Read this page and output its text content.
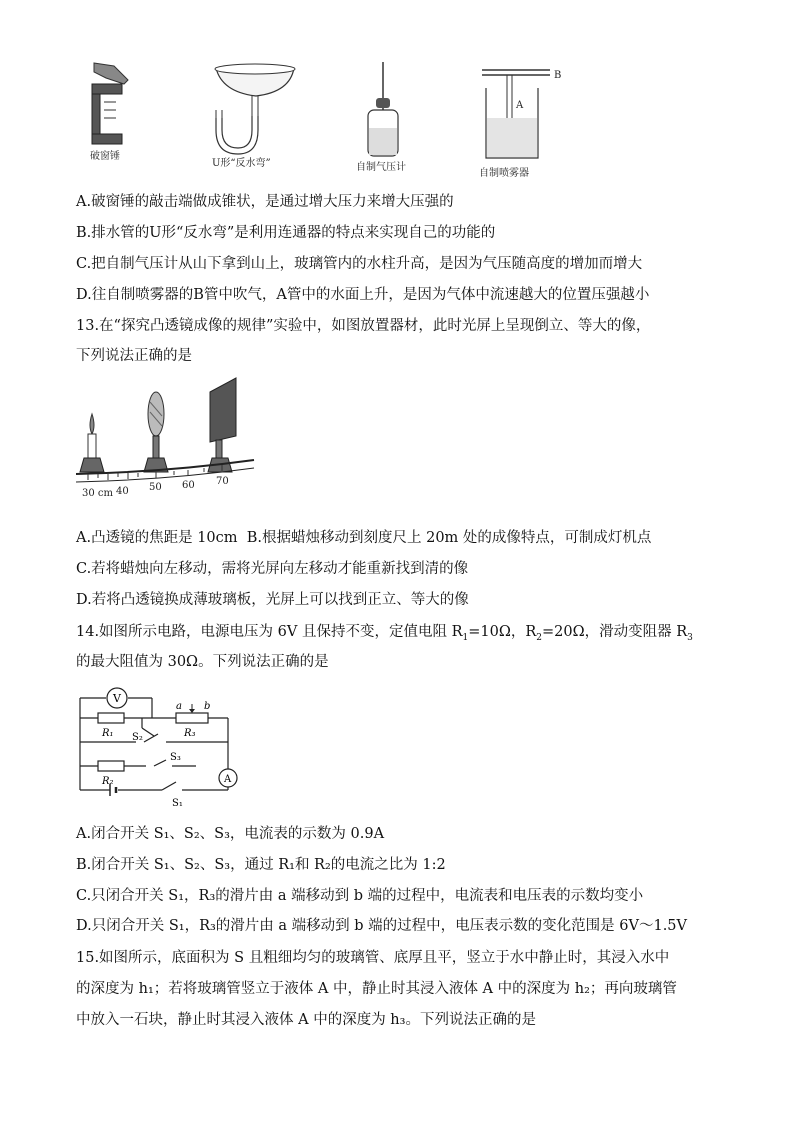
破窗锤
U形“反水弯”	自制气压计
A
B
自制喷雾器
A.破窗锤的敲击端做成锥状，是通过增大压力来增大压强的
B.排水管的U形“反水弯”是利用连通器的特点来实现自己的功能的
C.把自制气压计从山下拿到山上，玻璃管内的水柱升高，是因为气压随高度的增加而增大
D.往自制喷雾器的B管中吹气，A管中的水面上升，是因为气体中流速越大的位置压强越小
13.在“探究凸透镜成像的规律”实验中，如图放置器材，此时光屏上呈现倒立、等大的像，
下列说法正确的是
30 cm 40 50 60 70
A.凸透镜的焦距是 10cm B.根据蜡烛移动到刻度尺上 20m 处的成像特点，可制成灯机点
C.若将蜡烛向左移动，需将光屏向左移动才能重新找到清的像
D.若将凸透镜换成薄玻璃板，光屏上可以找到正立、等大的像
14.如图所示电路，电源电压为 6V 且保持不变，定值电阻 $R_1=10\Omega$，$R_2=20\Omega$，滑动变阻器 $R_3$
的最大阻值为 30Ω。下列说法正确的是
V
A
R₁
R₂
R₃
S₂
S₃
S₁
a b
A.闭合开关 S₁、S₂、S₃，电流表的示数为 0.9A
B.闭合开关 S₁、S₂、S₃，通过 R₁和 R₂的电流之比为 1:2
C.只闭合开关 S₁，R₃的滑片由 a 端移动到 b 端的过程中，电流表和电压表的示数均变小
D.只闭合开关 S₁，R₃的滑片由 a 端移动到 b 端的过程中，电压表示数的变化范围是 6V～1.5V
15.如图所示，底面积为 S 且粗细均匀的玻璃管、底厚且平，竖立于水中静止时，其浸入水中
的深度为 h₁；若将玻璃管竖立于液体 A 中，静止时其浸入液体 A 中的深度为 h₂；再向玻璃管
中放入一石块，静止时其浸入液体 A 中的深度为 h₃。下列说法正确的是
